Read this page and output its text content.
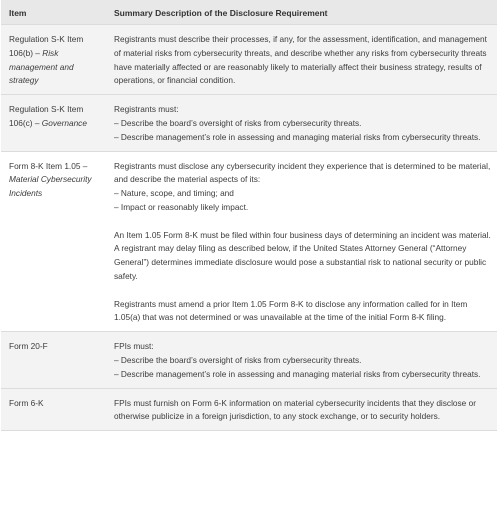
Item	Summary Description of the Disclosure Requirement
Regulation S-K Item 106(b) – Risk management and strategy	Registrants must describe their processes, if any, for the assessment, identification, and management of material risks from cybersecurity threats, and describe whether any risks from cybersecurity threats have materially affected or are reasonably likely to materially affect their business strategy, results of operations, or financial condition.

Regulation S-K Item 106(c) – Governance	Registrants must:

– Describe the board’s oversight of risks from cybersecurity threats.

– Describe management’s role in assessing and managing material risks from cybersecurity threats.

Form 8-K Item 1.05 – Material Cybersecurity Incidents	Registrants must disclose any cybersecurity incident they experience that is determined to be material, and describe the material aspects of its:

– Nature, scope, and timing; and

– Impact or reasonably likely impact.

An Item 1.05 Form 8-K must be filed within four business days of determining an incident was material. A registrant may delay filing as described below, if the United States Attorney General (“Attorney General”) determines immediate disclosure would pose a substantial risk to national security or public safety.

Registrants must amend a prior Item 1.05 Form 8-K to disclose any information called for in Item 1.05(a) that was not determined or was unavailable at the time of the initial Form 8-K filing.

Form 20-F	FPIs must:

– Describe the board’s oversight of risks from cybersecurity threats.

– Describe management’s role in assessing and managing material risks from cybersecurity threats.

Form 6-K	FPIs must furnish on Form 6-K information on material cybersecurity incidents that they disclose or otherwise publicize in a foreign jurisdiction, to any stock exchange, or to security holders.
